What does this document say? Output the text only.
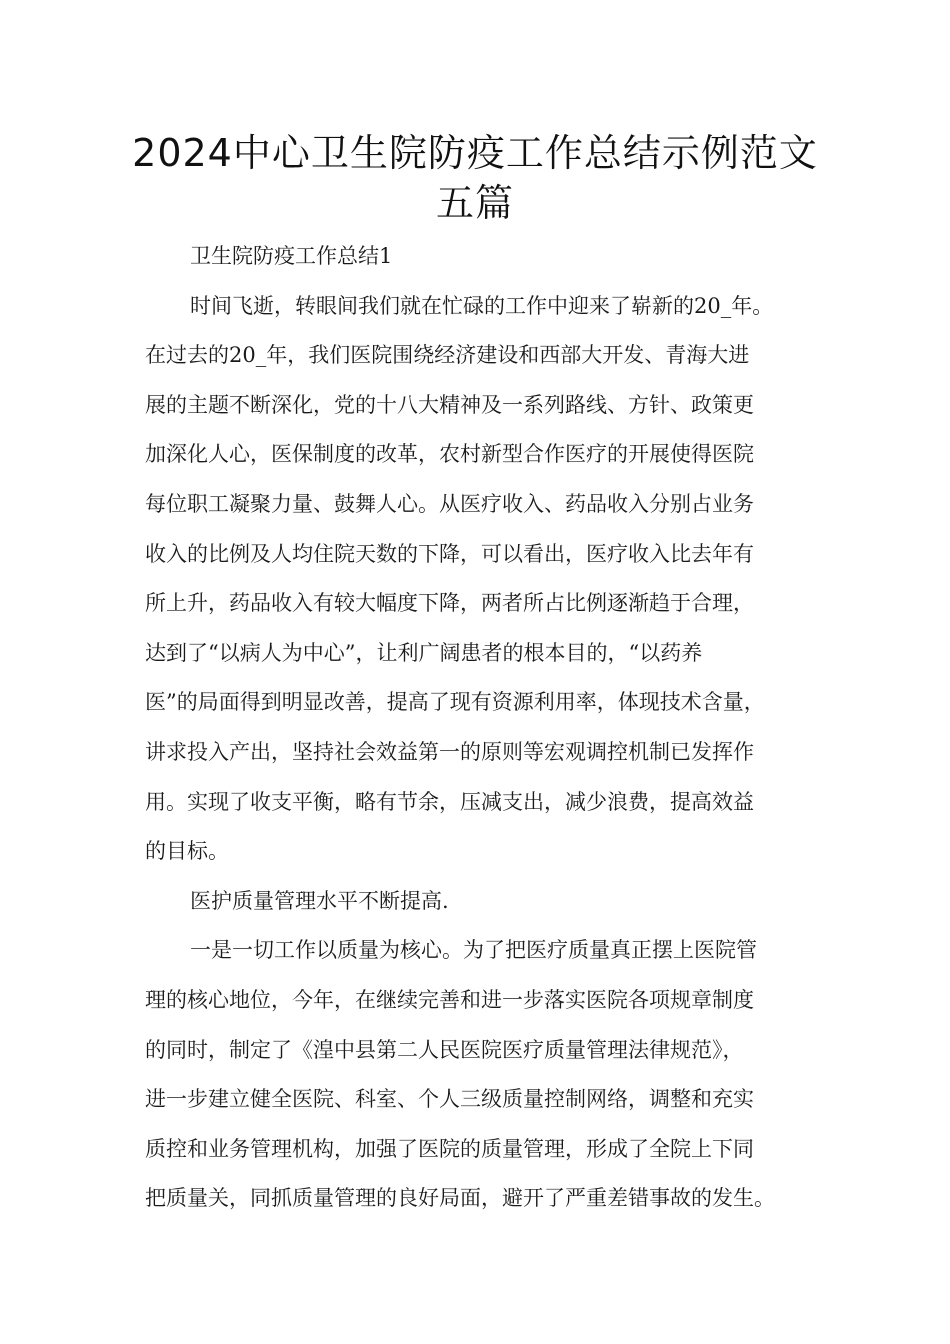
2024中心卫生院防疫工作总结示例范文
五篇
卫生院防疫工作总结1
时间飞逝，转眼间我们就在忙碌的工作中迎来了崭新的20_年。
在过去的20_年，我们医院围绕经济建设和西部大开发、青海大进
展的主题不断深化，党的十八大精神及一系列路线、方针、政策更
加深化人心，医保制度的改革，农村新型合作医疗的开展使得医院
每位职工凝聚力量、鼓舞人心。从医疗收入、药品收入分别占业务
收入的比例及人均住院天数的下降，可以看出，医疗收入比去年有
所上升，药品收入有较大幅度下降，两者所占比例逐渐趋于合理，
达到了“以病人为中心”，让利广阔患者的根本目的，“以药养
医”的局面得到明显改善，提高了现有资源利用率，体现技术含量，
讲求投入产出，坚持社会效益第一的原则等宏观调控机制已发挥作
用。实现了收支平衡，略有节余，压减支出，减少浪费，提高效益
的目标。
医护质量管理水平不断提高.
一是一切工作以质量为核心。为了把医疗质量真正摆上医院管
理的核心地位，今年，在继续完善和进一步落实医院各项规章制度
的同时，制定了《湟中县第二人民医院医疗质量管理法律规范》，
进一步建立健全医院、科室、个人三级质量控制网络，调整和充实
质控和业务管理机构，加强了医院的质量管理，形成了全院上下同
把质量关，同抓质量管理的良好局面，避开了严重差错事故的发生。
